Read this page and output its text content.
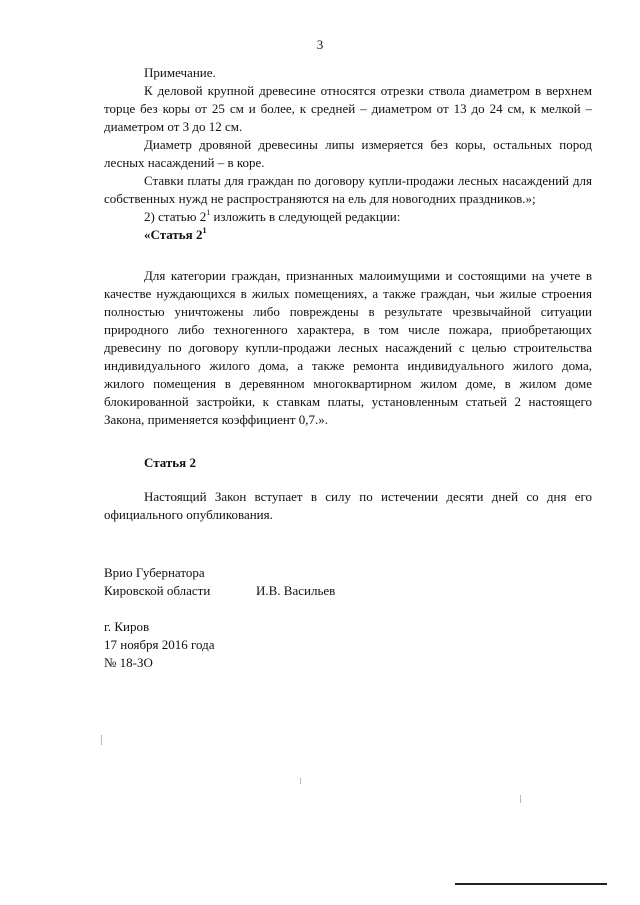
3

Примечание.

К деловой крупной древесине относятся отрезки ствола диаметром в верхнем торце без коры от 25 см и более, к средней – диаметром от 13 до 24 см, к мелкой – диаметром от 3 до 12 см.

Диаметр дровяной древесины липы измеряется без коры, остальных пород лесных насаждений – в коре.

Ставки платы для граждан по договору купли-продажи лесных насаждений для собственных нужд не распространяются на ель для новогодних праздников.»;

2) статью $2^1$ изложить в следующей редакции:

«Статья $2^1$

Для категории граждан, признанных малоимущими и состоящими на учете в качестве нуждающихся в жилых помещениях, а также граждан, чьи жилые строения полностью уничтожены либо повреждены в результате чрезвычайной ситуации природного либо техногенного характера, в том числе пожара, приобретающих древесину по договору купли-продажи лесных насаждений с целью строительства индивидуального жилого дома, а также ремонта индивидуального жилого дома, жилого помещения в деревянном многоквартирном жилом доме, в жилом доме блокированной застройки, к ставкам платы, установленным статьей 2 настоящего Закона, применяется коэффициент 0,7.».

Статья 2

Настоящий Закон вступает в силу по истечении десяти дней со дня его официального опубликования.

Врио Губернатора
Кировской области	И.В. Васильев
г. Киров
17 ноября 2016 года
№ 18-ЗО
